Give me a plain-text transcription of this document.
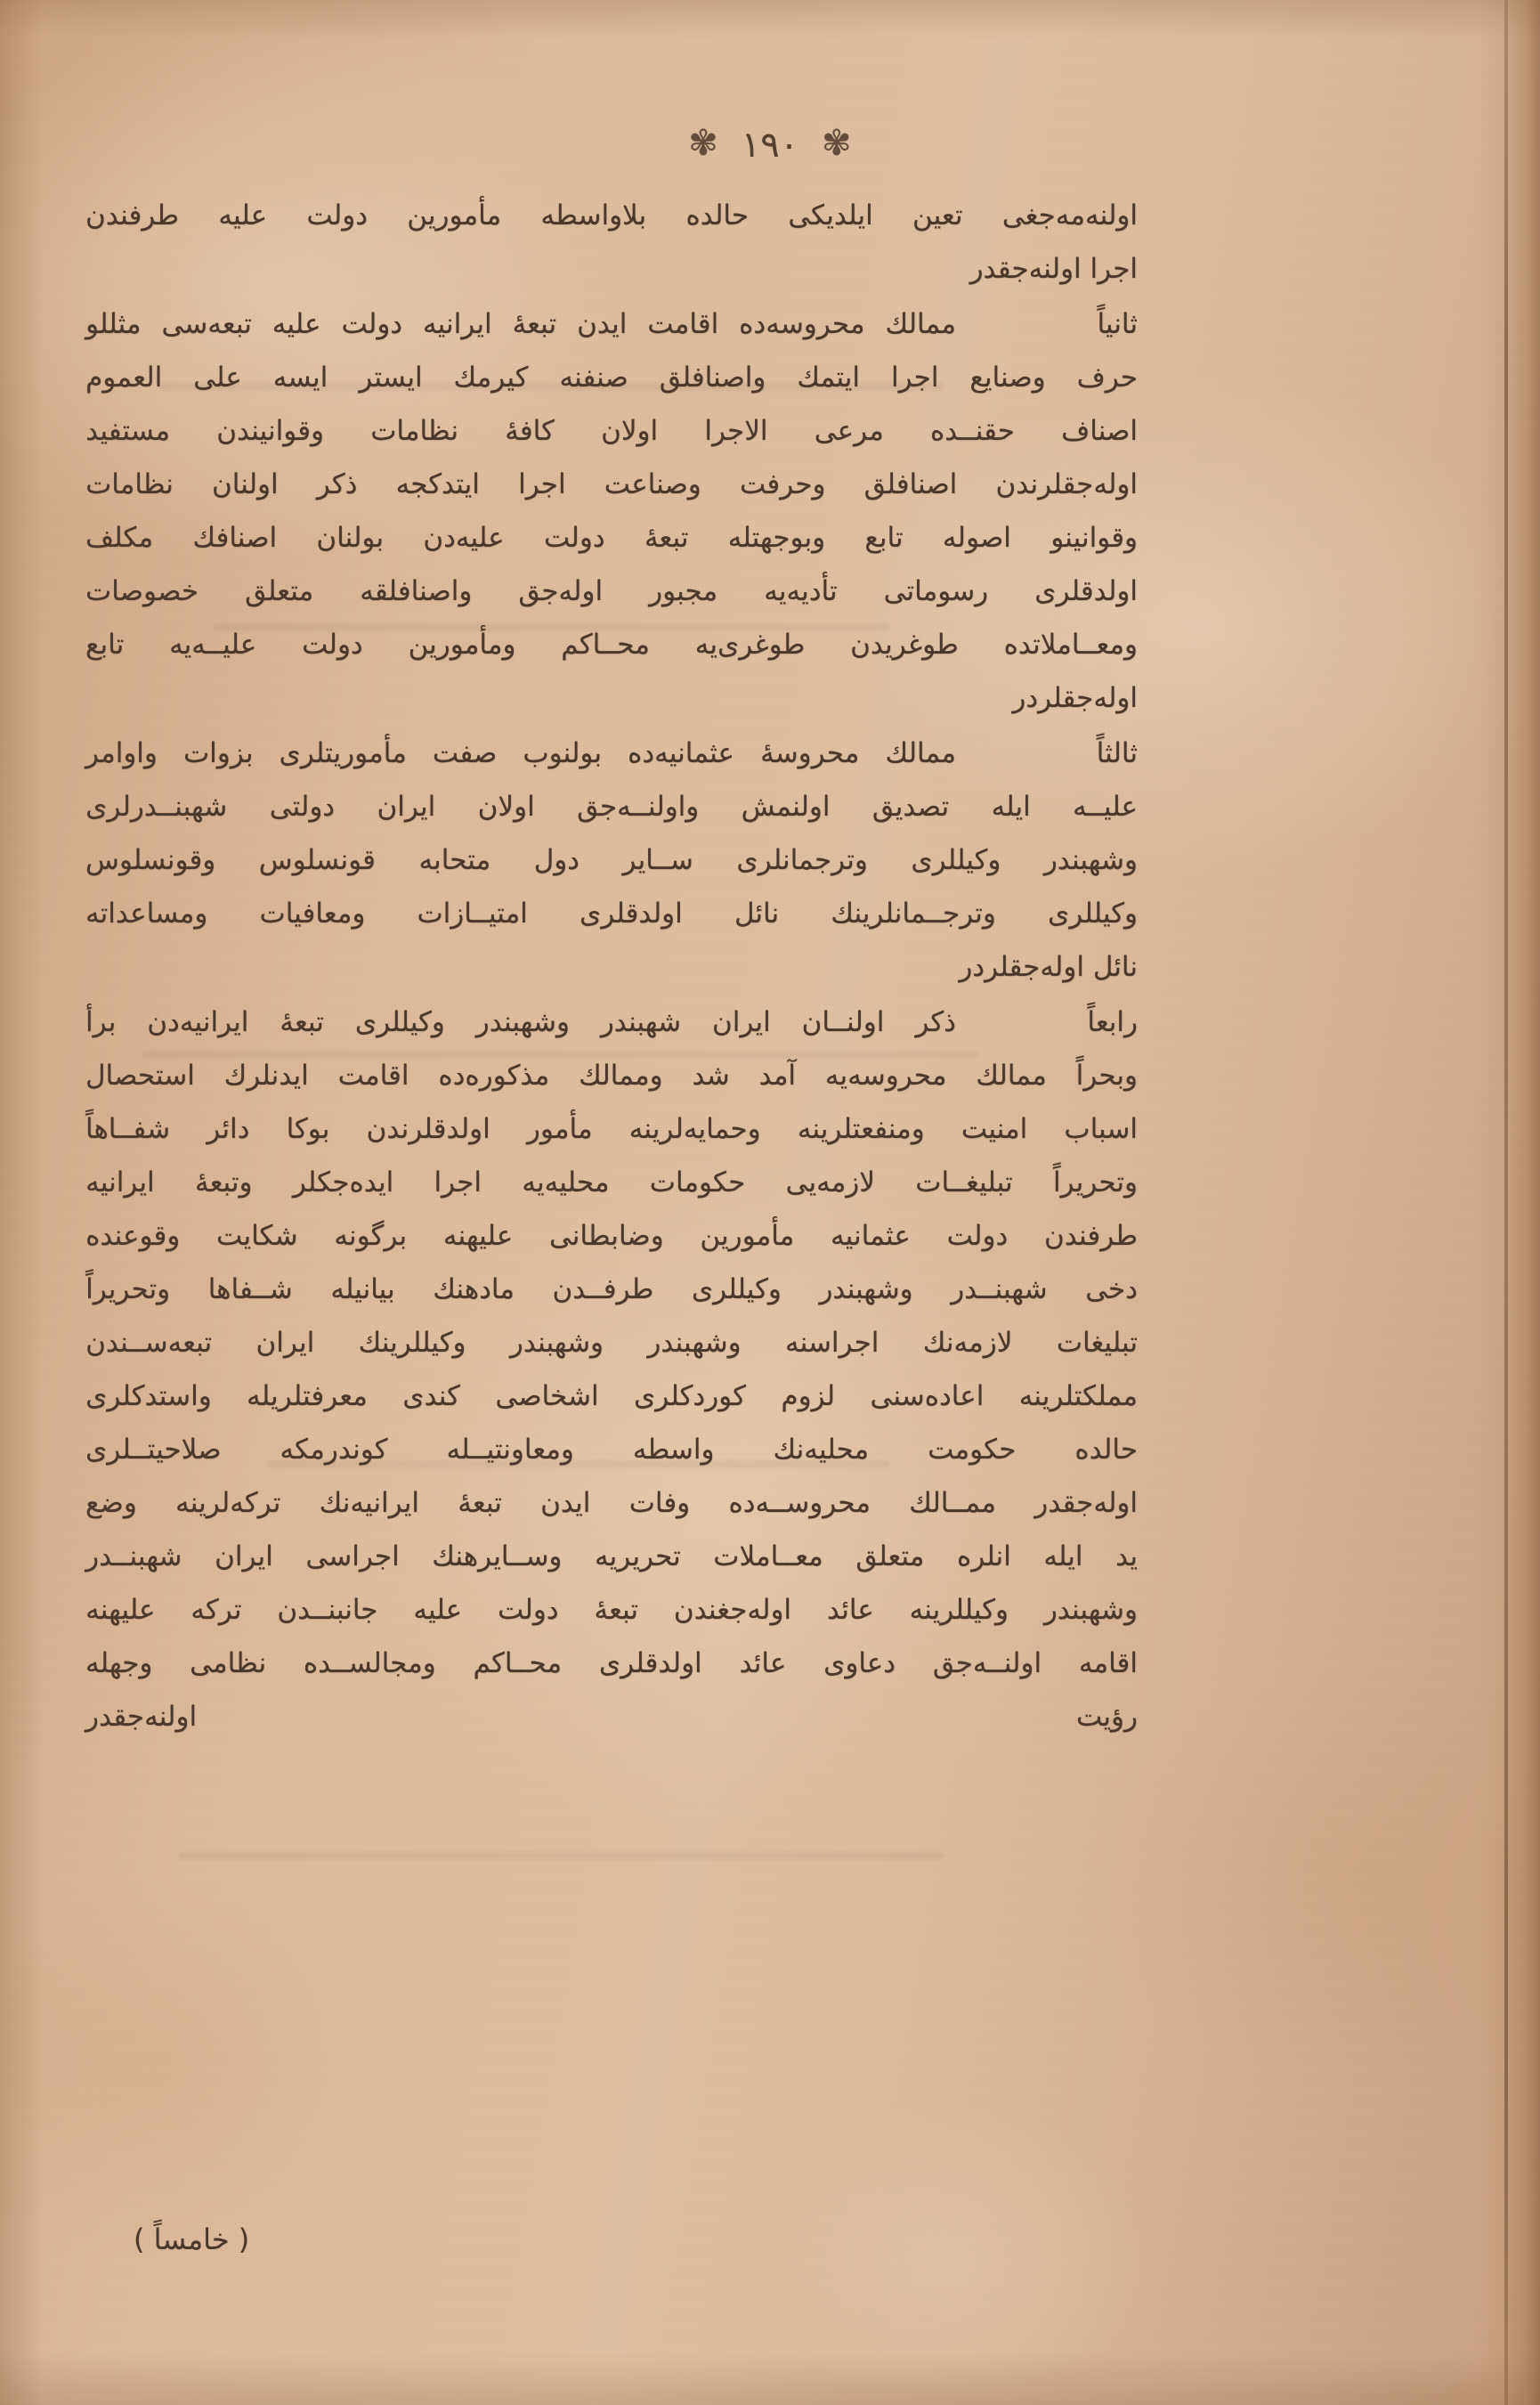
✾ ١٩٠ ✾
اولنه‌مه‌جغی
تعین
ایلدیکی
حالده
بلاواسطه
مأمورین
دولت
علیه
طرفندن
اجرا اولنه‌جقدر
ثانياً
ممالك محروسه‌ده اقامت ایدن تبعهٔ ایرانیه دولت علیه تبعه‌سی مثللو
حرف
وصنایع
اجرا
ایتمك
واصنافلق
صنفنه
كیرمك
ایستر
ایسه
علی
العموم
اصناف
حقنــده
مرعی
الاجرا
اولان
كافهٔ
نظامات
وقوانیندن
مستفید
اوله‌جقلرندن
اصنافلق
وحرفت
وصناعت
اجرا
ایتدكجه
ذكر
اولنان
نظامات
وقوانینو
اصوله
تابع
وبوجهتله
تبعهٔ
دولت
علیه‌دن
بولنان
اصنافك
مكلف
اولدقلری
رسوماتی
تأدیه‌یه
مجبور
اوله‌جق
واصنافلقه
متعلق
خصوصات
ومعــاملاتده
طوغریدن
طوغری‌یه
محــاكم
ومأمورین
دولت
علیــه‌یه
تابع
اوله‌جقلردر
ثالثاً
ممالك محروسهٔ عثمانیه‌ده بولنوب صفت مأموریتلری بزوات واوامر
علیــه
ایله
تصدیق
اولنمش
واولنــه‌جق
اولان
ایران
دولتی
شهبنــدرلری
وشهبندر
وكیللری
وترجمانلری
ســایر
دول
متحابه
قونسلوس
وقونسلوس
وكیللری
وترجــمانلرینك
نائل
اولدقلری
امتیــازات
ومعافیات
ومساعداته
نائل اوله‌جقلردر
رابعاً
ذكر اولنــان ایران شهبندر وشهبندر وكیللری تبعهٔ ایرانیه‌دن برأ
وبحراً
ممالك
محروسه‌یه
آمد
شد
وممالك
مذكوره‌ده
اقامت
ایدنلرك
استحصال
اسباب
امنیت
ومنفعتلرینه
وحمایه‌لرینه
مأمور
اولدقلرندن
بوكا
دائر
شفــاهاً
وتحریراً
تبلیغــات
لازمه‌یی
حكومات
محلیه‌یه
اجرا
ایده‌جكلر
وتبعهٔ
ایرانیه
طرفندن
دولت
عثمانیه
مأمورین
وضابطانی
علیهنه
برگونه
شكایت
وقوعنده
دخی
شهبنــدر
وشهبندر
وكیللری
طرفــدن
مادهنك
بیانیله
شــفاها
وتحریراً
تبلیغات
لازمه‌نك
اجراسنه
وشهبندر
وشهبندر
وكیللرینك
ایران
تبعه‌ســندن
مملكتلرینه
اعاده‌سنی
لزوم
كوردكلری
اشخاصی
كندی
معرفتلریله
واستدكلری
حالده
حكومت
محلیه‌نك
واسطه
ومعاونتیــله
كوندرمكه
صلاحیتــلری
اوله‌جقدر
ممــالك
محروســه‌ده
وفات
ایدن
تبعهٔ
ایرانیه‌نك
تركه‌لرینه
وضع
ید
ایله
انلره
متعلق
معــاملات
تحریریه
وســایرهنك
اجراسی
ایران
شهبنــدر
وشهبندر
وكیللرینه
عائد
اوله‌جغندن
تبعهٔ
دولت
علیه
جانبنــدن
تركه
علیهنه
اقامه
اولنــه‌جق
دعاوی
عائد
اولدقلری
محــاكم
ومجالســده
نظامی
وجهله
رؤیت
اولنه‌جقدر
( خامساً )
